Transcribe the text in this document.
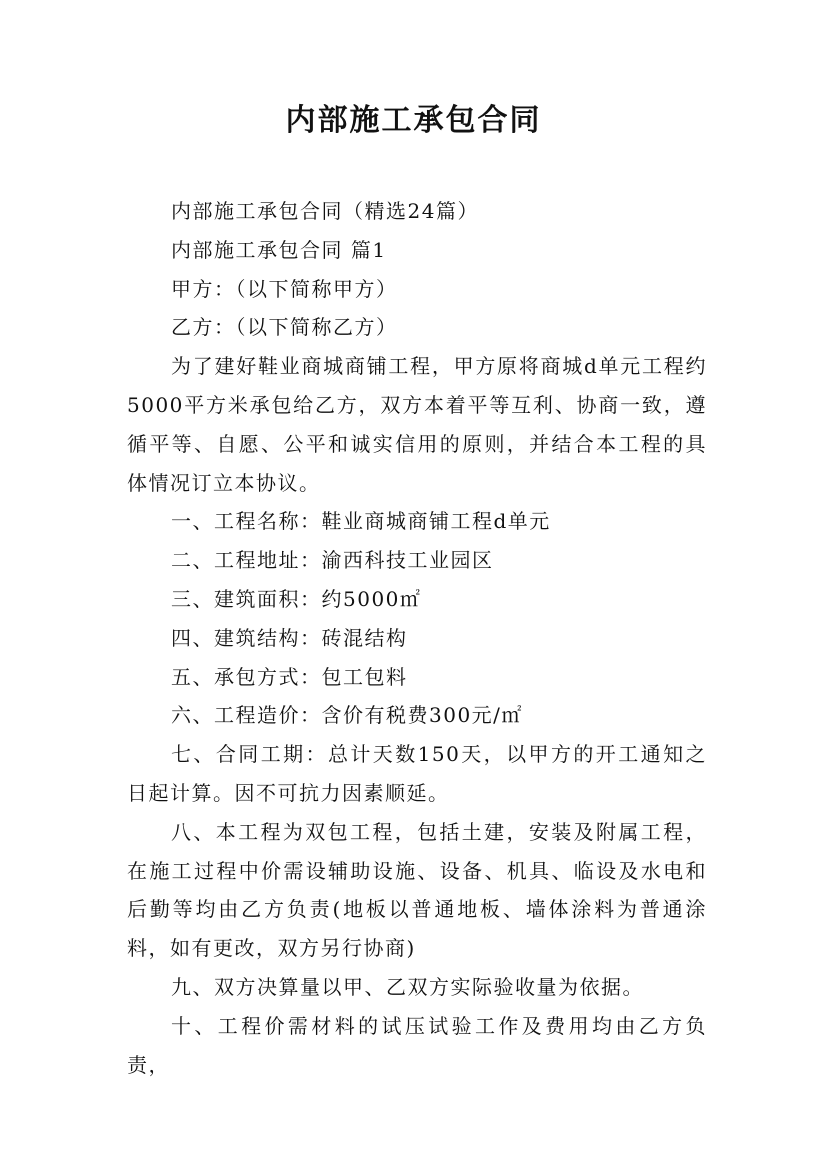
内部施工承包合同

内部施工承包合同（精选24篇）

内部施工承包合同 篇1

甲方：（以下简称甲方）

乙方：（以下简称乙方）

为了建好鞋业商城商铺工程，甲方原将商城d单元工程约5000平方米承包给乙方，双方本着平等互利、协商一致，遵循平等、自愿、公平和诚实信用的原则，并结合本工程的具体情况订立本协议。

一、工程名称：鞋业商城商铺工程d单元

二、工程地址：渝西科技工业园区

三、建筑面积：约5000㎡

四、建筑结构：砖混结构

五、承包方式：包工包料

六、工程造价：含价有税费300元/㎡

七、合同工期：总计天数150天，以甲方的开工通知之日起计算。因不可抗力因素顺延。

八、本工程为双包工程，包括土建，安装及附属工程，在施工过程中价需设辅助设施、设备、机具、临设及水电和后勤等均由乙方负责(地板以普通地板、墙体涂料为普通涂料，如有更改，双方另行协商)

九、双方决算量以甲、乙双方实际验收量为依据。

十、工程价需材料的试压试验工作及费用均由乙方负责，
